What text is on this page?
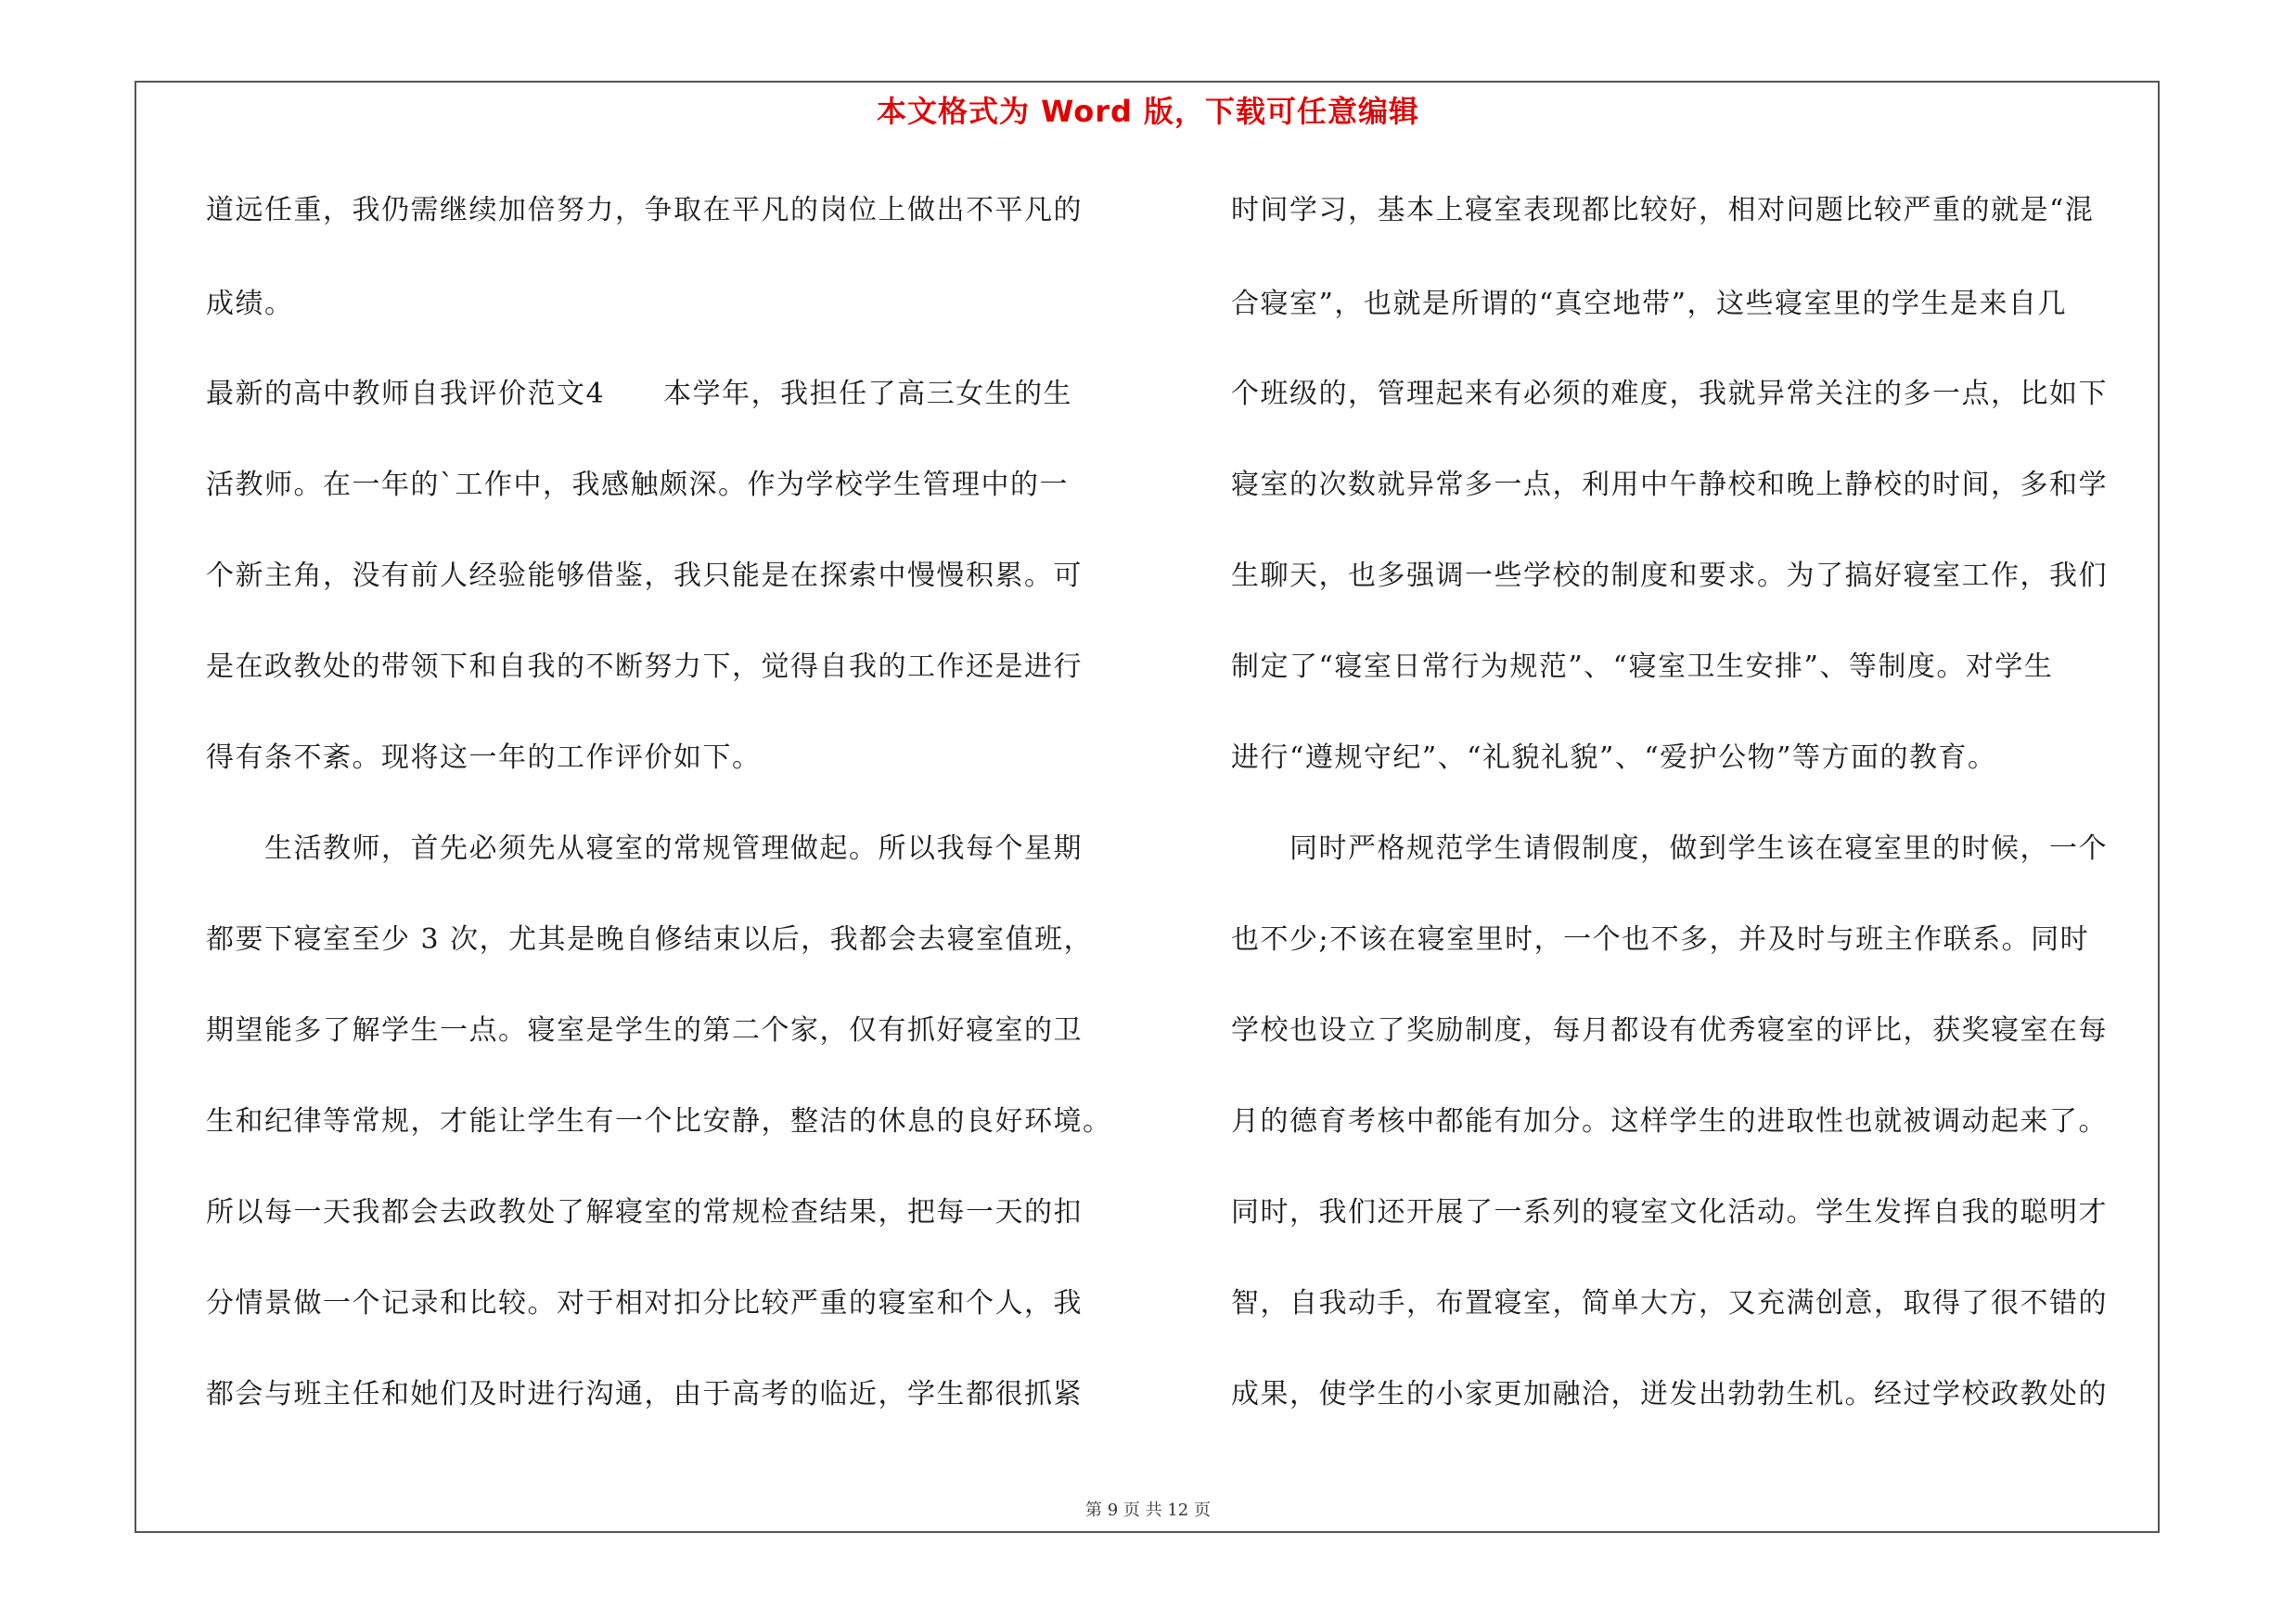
本文格式为 Word 版，下载可任意编辑
道远任重，我仍需继续加倍努力，争取在平凡的岗位上做出不平凡的
成绩。
最新的高中教师自我评价范文4　　本学年，我担任了高三女生的生
活教师。在一年的`工作中，我感触颇深。作为学校学生管理中的一
个新主角，没有前人经验能够借鉴，我只能是在探索中慢慢积累。可
是在政教处的带领下和自我的不断努力下，觉得自我的工作还是进行
得有条不紊。现将这一年的工作评价如下。
　　生活教师，首先必须先从寝室的常规管理做起。所以我每个星期
都要下寝室至少 3 次，尤其是晚自修结束以后，我都会去寝室值班，
期望能多了解学生一点。寝室是学生的第二个家，仅有抓好寝室的卫
生和纪律等常规，才能让学生有一个比安静，整洁的休息的良好环境。
所以每一天我都会去政教处了解寝室的常规检查结果，把每一天的扣
分情景做一个记录和比较。对于相对扣分比较严重的寝室和个人，我
都会与班主任和她们及时进行沟通，由于高考的临近，学生都很抓紧
时间学习，基本上寝室表现都比较好，相对问题比较严重的就是“混
合寝室”，也就是所谓的“真空地带”，这些寝室里的学生是来自几
个班级的，管理起来有必须的难度，我就异常关注的多一点，比如下
寝室的次数就异常多一点，利用中午静校和晚上静校的时间，多和学
生聊天，也多强调一些学校的制度和要求。为了搞好寝室工作，我们
制定了“寝室日常行为规范”、“寝室卫生安排”、等制度。对学生
进行“遵规守纪”、“礼貌礼貌”、“爱护公物”等方面的教育。
　　同时严格规范学生请假制度，做到学生该在寝室里的时候，一个
也不少;不该在寝室里时，一个也不多，并及时与班主作联系。同时
学校也设立了奖励制度，每月都设有优秀寝室的评比，获奖寝室在每
月的德育考核中都能有加分。这样学生的进取性也就被调动起来了。
同时，我们还开展了一系列的寝室文化活动。学生发挥自我的聪明才
智，自我动手，布置寝室，简单大方，又充满创意，取得了很不错的
成果，使学生的小家更加融洽，迸发出勃勃生机。经过学校政教处的
第 9 页 共 12 页
